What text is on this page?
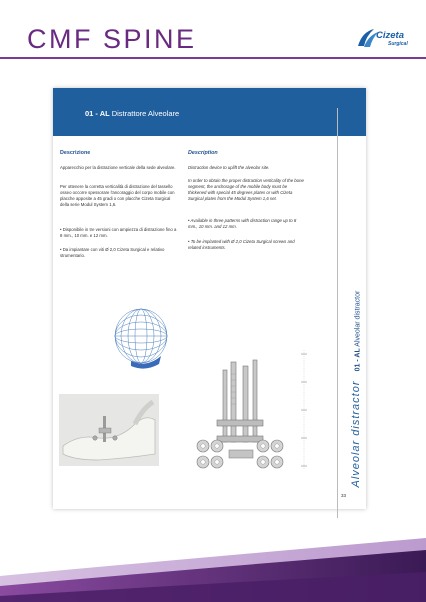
CMF SPINE	Cizeta
Surgical
01 - AL Distrattore Alveolare
Descrizione
Apparecchio per la distrazione verticale della sede alveolare.
Per ottenere la corretta verticalità di distrazione del tassello osseo occorre spessorare l'ancoraggio del corpo mobile con placche apposite a 45 gradi o con placche Cizeta Surgical della serie Modul System 1,6.
• Disponibile in tre versioni con ampiezza di distrazione fino a 8 mm., 10 mm. e 12 mm.
• Da impiantare con viti Ø 2,0 Cizeta Surgical e relativo strumentario.
Description
Distraction device to uplift the alveolar site.
In order to obtain the proper distraction verticality of the bone segment, the anchorage of the mobile body must be thickened with special 45 degrees plates or with Cizeta Surgical plates from the Modul System 1,6 set.
• Available in three patterns with distraction range up to 8 mm., 10 mm. and 12 mm.
• To be implanted with Ø 2,0 Cizeta Surgical screws and related instruments.
01 - AL Alveolar distractor
Alveolar distractor
33
